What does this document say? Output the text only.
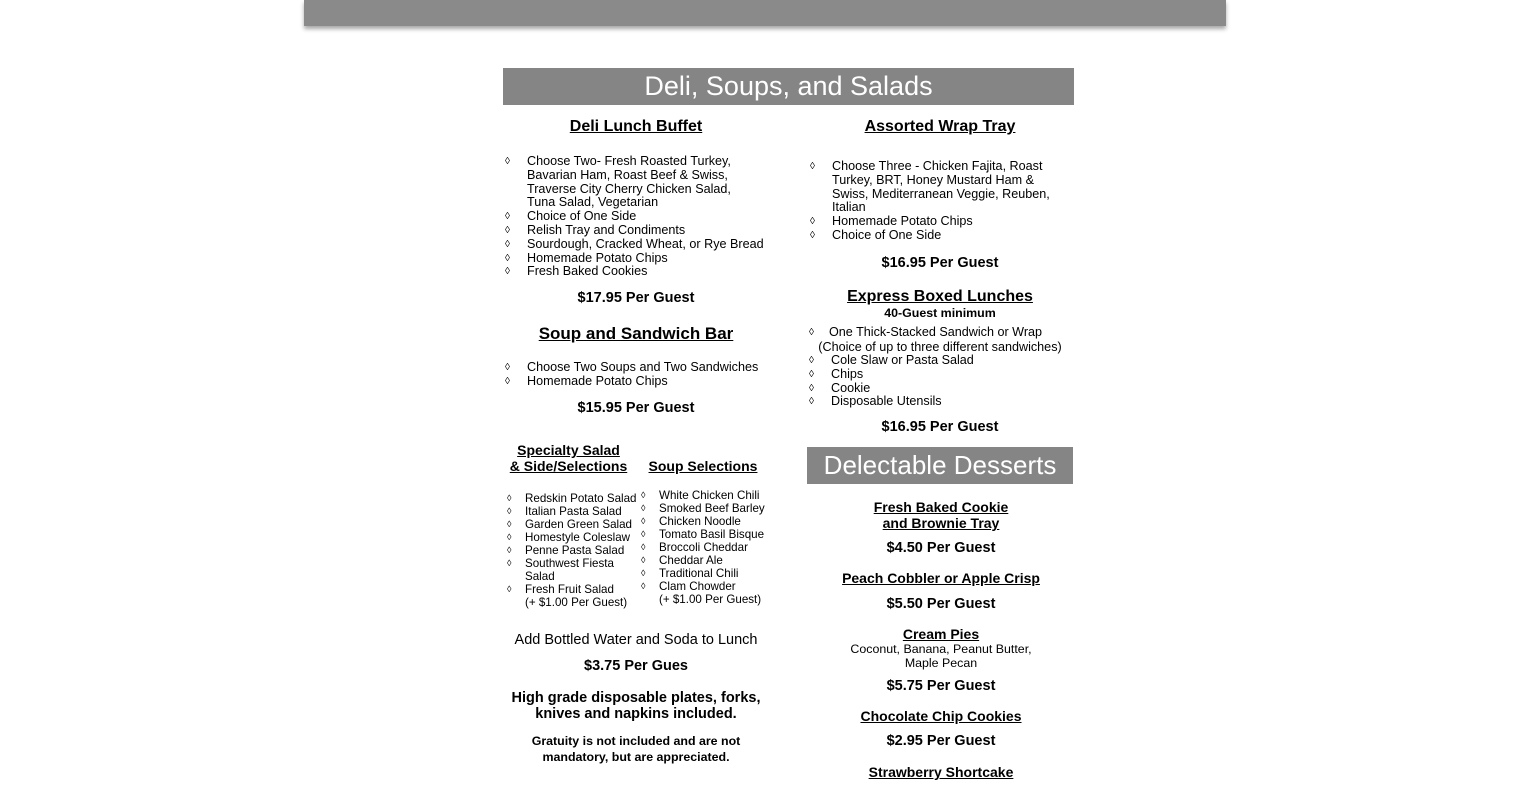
Deli, Soups, and Salads
Deli Lunch Buffet
◊ Choose Two- Fresh Roasted Turkey,
Bavarian Ham, Roast Beef & Swiss,
Traverse City Cherry Chicken Salad,
Tuna Salad, Vegetarian
◊ Choice of One Side
◊ Relish Tray and Condiments
◊ Sourdough, Cracked Wheat, or Rye Bread
◊ Homemade Potato Chips
◊ Fresh Baked Cookies
$17.95 Per Guest
Soup and Sandwich Bar
◊ Choose Two Soups and Two Sandwiches
◊ Homemade Potato Chips
$15.95 Per Guest
Specialty Salad
& Side/Selections	Soup Selections
◊ Redskin Potato Salad
◊ Italian Pasta Salad
◊ Garden Green Salad
◊ Homestyle Coleslaw
◊ Penne Pasta Salad
◊ Southwest Fiesta
Salad
◊ Fresh Fruit Salad
(+ $1.00 Per Guest)
◊ White Chicken Chili
◊ Smoked Beef Barley
◊ Chicken Noodle
◊ Tomato Basil Bisque
◊ Broccoli Cheddar
◊ Cheddar Ale
◊ Traditional Chili
◊ Clam Chowder
(+ $1.00 Per Guest)
Add Bottled Water and Soda to Lunch
$3.75 Per Gues
High grade disposable plates, forks,
knives and napkins included.
Gratuity is not included and are not
mandatory, but are appreciated.
Assorted Wrap Tray
◊ Choose Three - Chicken Fajita, Roast
Turkey, BRT, Honey Mustard Ham &
Swiss, Mediterranean Veggie, Reuben,
Italian
◊ Homemade Potato Chips
◊ Choice of One Side
$16.95 Per Guest
Express Boxed Lunches
40-Guest minimum
◊ One Thick-Stacked Sandwich or Wrap
(Choice of up to three different sandwiches)
◊ Cole Slaw or Pasta Salad
◊ Chips
◊ Cookie
◊ Disposable Utensils
$16.95 Per Guest
Delectable Desserts
Fresh Baked Cookie
and Brownie Tray
$4.50 Per Guest
Peach Cobbler or Apple Crisp
$5.50 Per Guest
Cream Pies
Coconut, Banana, Peanut Butter,
Maple Pecan
$5.75 Per Guest
Chocolate Chip Cookies
$2.95 Per Guest
Strawberry Shortcake
